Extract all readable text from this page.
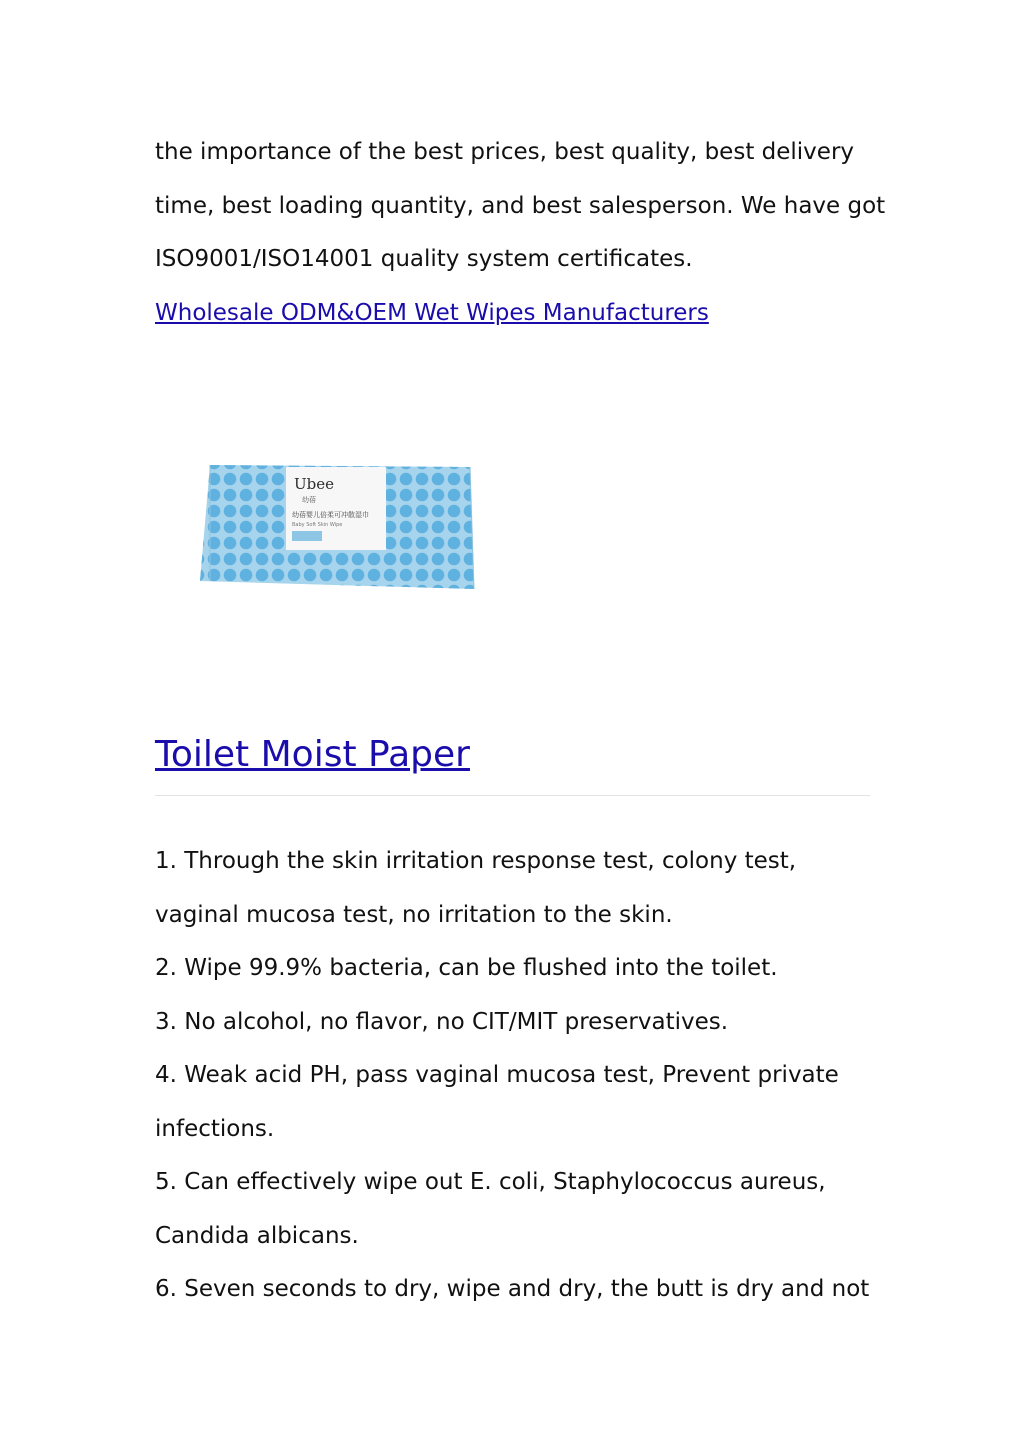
the importance of the best prices, best quality, best delivery

time, best loading quantity, and best salesperson. We have got

ISO9001/ISO14001 quality system certificates.

Wholesale ODM&OEM Wet Wipes Manufacturers

Ubee
幼蓓
幼蓓婴儿倍柔可冲散湿巾
Baby Soft Skin Wipe
Toilet Moist Paper

1. Through the skin irritation response test, colony test,

vaginal mucosa test, no irritation to the skin.

2. Wipe 99.9% bacteria, can be flushed into the toilet.

3. No alcohol, no flavor, no CIT/MIT preservatives.

4. Weak acid PH, pass vaginal mucosa test, Prevent private

infections.

5. Can effectively wipe out E. coli, Staphylococcus aureus,

Candida albicans.

6. Seven seconds to dry, wipe and dry, the butt is dry and not
